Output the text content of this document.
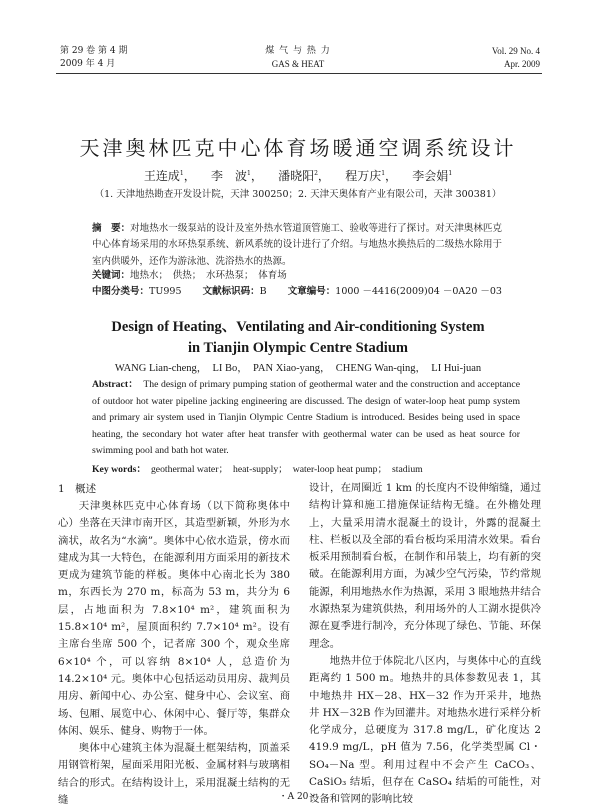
第 29 卷 第 4 期
2009 年 4 月
煤 气 与 热 力
GAS & HEAT
Vol. 29 No. 4
Apr. 2009
天津奥林匹克中心体育场暖通空调系统设计
王连成$^1$，    李　波$^1$，    潘晓阳$^2$，    程万庆$^1$，    李会娟$^1$
（1. 天津地热勘查开发设计院，天津 300250；2. 天津天奥体育产业有限公司，天津 300381）
摘　要：对地热水一级泵站的设计及室外热水管道顶管施工、验收等进行了探讨。对天津奥林匹克中心体育场采用的水环热泵系统、新风系统的设计进行了介绍。与地热水换热后的二级热水除用于室内供暖外，还作为游泳池、洗浴热水的热源。
关键词：地热水；　供热；　水环热泵；　体育场
中图分类号：TU995 文献标识码：B 文章编号：1000 －4416(2009)04 －0A20 －03
Design of Heating、Ventilating and Air-conditioning System
in Tianjin Olympic Centre Stadium
WANG Lian-cheng，　LI Bo，　PAN Xiao-yang，　CHENG Wan-qing，　LI Hui-juan
Abstract： The design of primary pumping station of geothermal water and the construction and acceptance of outdoor hot water pipeline jacking engineering are discussed. The design of water-loop heat pump system and primary air system used in Tianjin Olympic Centre Stadium is introduced. Besides being used in space heating, the secondary hot water after heat transfer with geothermal water can be used as heat source for swimming pool and bath hot water.
Key words： geothermal water；　heat-supply；　water-loop heat pump；　stadium

1　概述

天津奥林匹克中心体育场（以下简称奥体中心）坐落在天津市南开区，其造型新颖，外形为水滴状，故名为“水滴”。奥体中心依水造景，傍水而建成为其一大特色，在能源利用方面采用的新技术更成为建筑节能的样板。奥体中心南北长为 380 m，东西长为 270 m，标高为 53 m，共分为 6 层，占地面积为 7.8×10⁴ m²，建筑面积为 15.8×10⁴ m²，屋顶面积约 7.7×10⁴ m²。设有主席台坐席 500 个，记者席 300 个，观众坐席 6×10⁴ 个，可以容纳 8×10⁴ 人，总造价为 14.2×10⁴ 元。奥体中心包括运动员用房、裁判员用房、新闻中心、办公室、健身中心、会议室、商场、包厢、展览中心、休闲中心、餐厅等，集群众体闲、娱乐、健身、购物于一体。

奥体中心建筑主体为混凝土框架结构，顶盖采用钢管桁架，屋面采用阳光板、金属材料与玻璃相结合的形式。在结构设计上，采用混凝土结构的无缝

设计，在周圈近 1 km 的长度内不设伸缩缝，通过结构计算和施工措施保证结构无缝。在外檐处理上，大量采用清水混凝土的设计，外露的混凝土柱、栏板以及全部的看台板均采用清水效果。看台板采用预制看台板，在制作和吊装上，均有新的突破。在能源利用方面，为减少空气污染，节约常规能源，利用地热水作为热源，采用 3 眼地热井结合水源热泵为建筑供热，利用场外的人工湖水提供冷源在夏季进行制冷，充分体现了绿色、节能、环保理念。

地热井位于体院北八区内，与奥体中心的直线距离约 1 500 m。地热井的具体参数见表 1，其中地热井 HX－28、HX－32 作为开采井，地热井 HX－32B 作为回灌井。对地热水进行采样分析化学成分，总硬度为 317.8 mg/L，矿化度达 2 419.9 mg/L，pH 值为 7.56，化学类型属 Cl・SO₄－Na 型。利用过程中不会产生 CaCO₃、CaSiO₃ 结垢，但存在 CaSO₄ 结垢的可能性，对设备和管网的影响比较

・A 20・
